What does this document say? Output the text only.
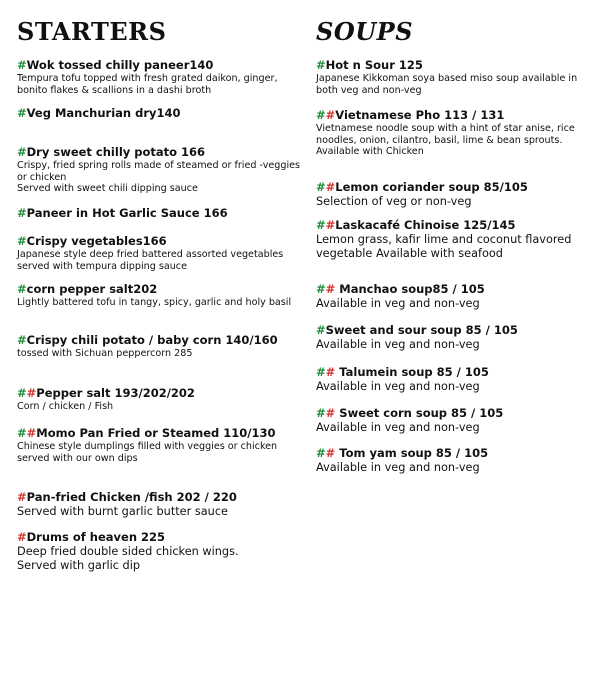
STARTERS
#Wok tossed chilly paneer140

Tempura tofu topped with fresh grated daikon, ginger, bonito flakes & scallions in a dashi broth

#Veg Manchurian dry140
#Dry sweet chilly potato 166

Crispy, fried spring rolls made of steamed or fried -veggies or chicken

Served with sweet chili dipping sauce

#Paneer in Hot Garlic Sauce 166
#Crispy vegetables166

Japanese style deep fried battered assorted vegetables served with tempura dipping sauce

#corn pepper salt202

Lightly battered tofu in tangy, spicy, garlic and holy basil

#Crispy chili potato / baby corn 140/160

tossed with Sichuan peppercorn 285

##Pepper salt 193/202/202

Corn / chicken / Fish

##Momo Pan Fried or Steamed 110/130

Chinese style dumplings filled with veggies or chicken served with our own dips

#Pan-fried Chicken /fish 202 / 220

Served with burnt garlic butter sauce

#Drums of heaven 225

Deep fried double sided chicken wings.

Served with garlic dip

SOUPS
#Hot n Sour 125

Japanese Kikkoman soya based miso soup available in both veg and non-veg

##Vietnamese Pho 113 / 131

Vietnamese noodle soup with a hint of star anise, rice noodles, onion, cilantro, basil, lime & bean sprouts.

Available with Chicken

##Lemon coriander soup 85/105

Selection of veg or non-veg

##Laskacafé Chinoise 125/145

Lemon grass, kafir lime and coconut flavored vegetable Available with seafood

## Manchao soup85 / 105

Available in veg and non-veg

#Sweet and sour soup 85 / 105

Available in veg and non-veg

## Talumein soup 85 / 105

Available in veg and non-veg

## Sweet corn soup 85 / 105

Available in veg and non-veg

## Tom yam soup 85 / 105

Available in veg and non-veg
